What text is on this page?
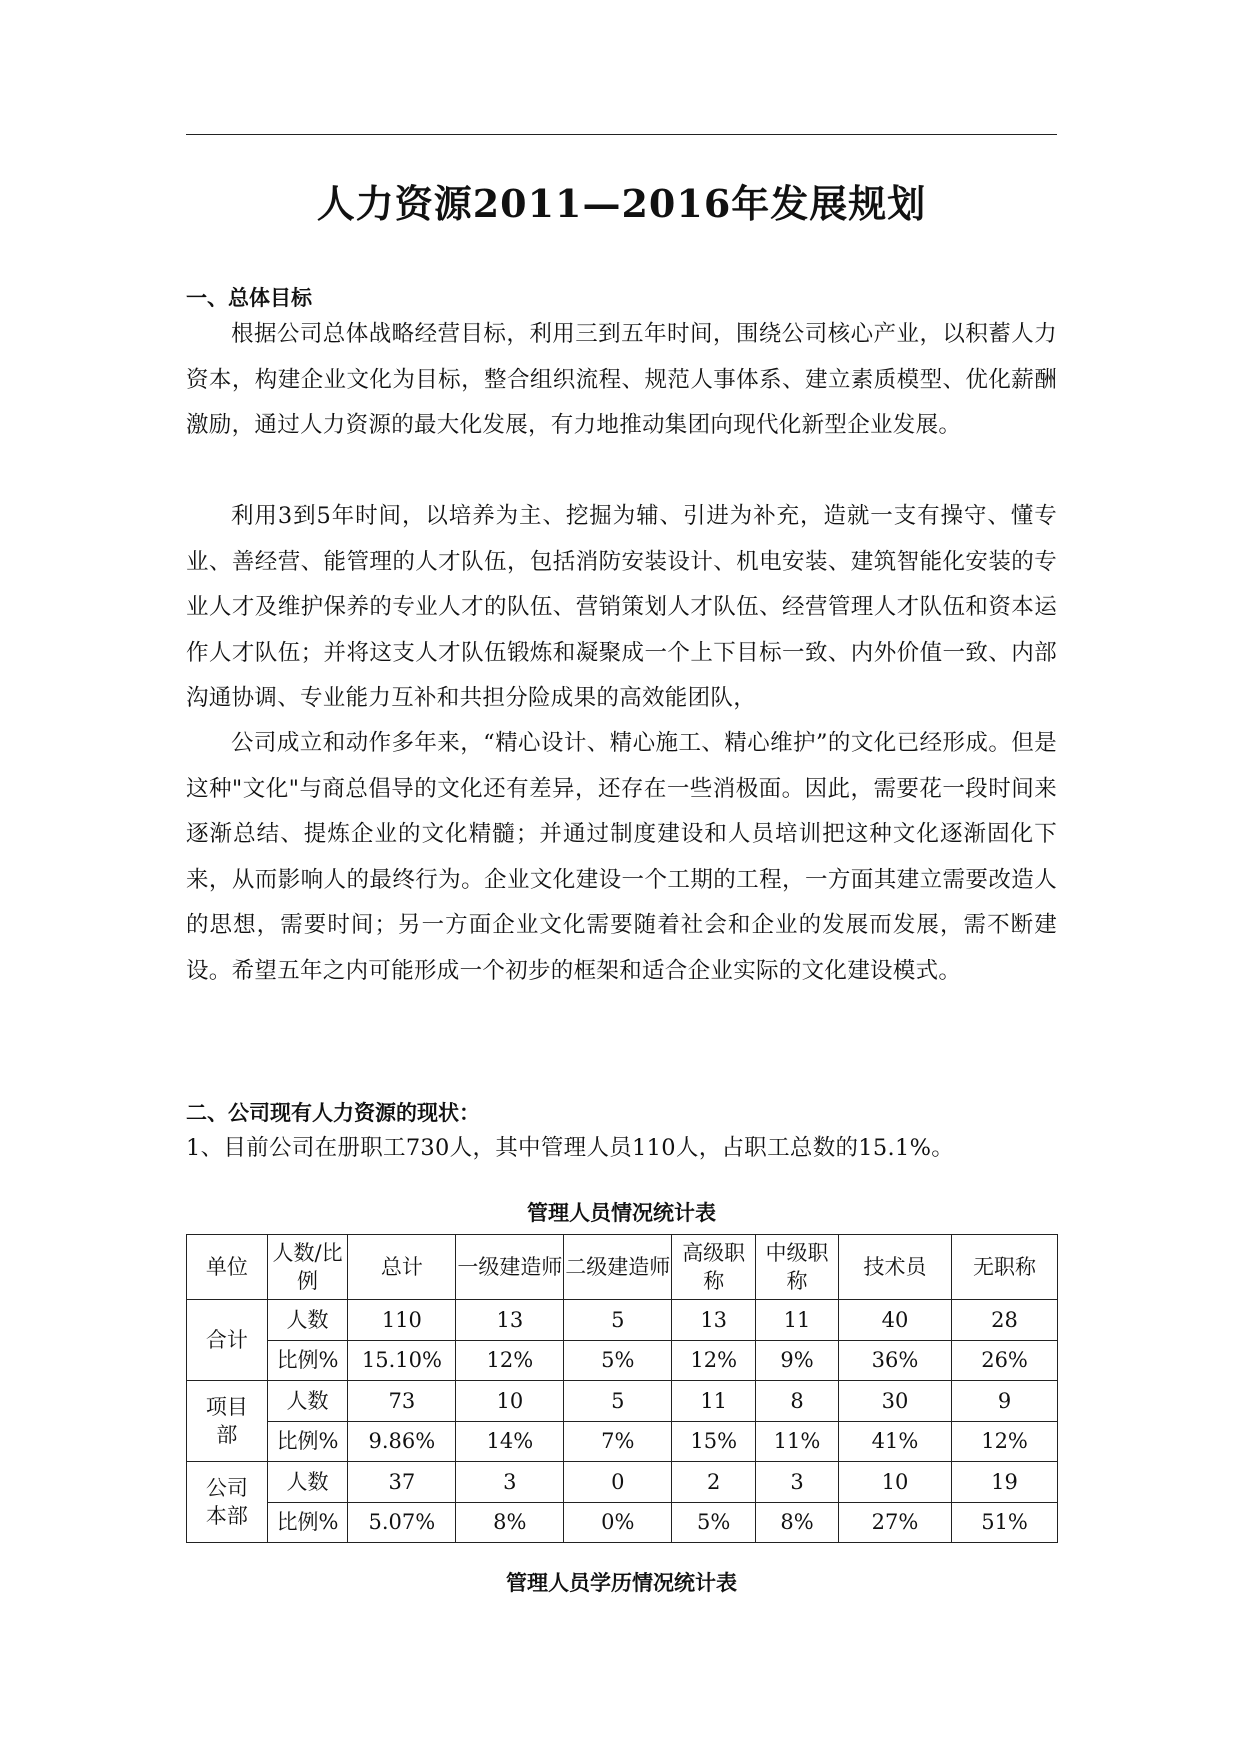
人力资源2011—2016年发展规划
一、总体目标

根据公司总体战略经营目标，利用三到五年时间，围绕公司核心产业，以积蓄人力资本，构建企业文化为目标，整合组织流程、规范人事体系、建立素质模型、优化薪酬激励，通过人力资源的最大化发展，有力地推动集团向现代化新型企业发展。

利用3到5年时间，以培养为主、挖掘为辅、引进为补充，造就一支有操守、懂专业、善经营、能管理的人才队伍，包括消防安装设计、机电安装、建筑智能化安装的专业人才及维护保养的专业人才的队伍、营销策划人才队伍、经营管理人才队伍和资本运作人才队伍；并将这支人才队伍锻炼和凝聚成一个上下目标一致、内外价值一致、内部沟通协调、专业能力互补和共担分险成果的高效能团队，

公司成立和动作多年来，“精心设计、精心施工、精心维护”的文化已经形成。但是这种"文化"与商总倡导的文化还有差异，还存在一些消极面。因此，需要花一段时间来逐渐总结、提炼企业的文化精髓；并通过制度建设和人员培训把这种文化逐渐固化下来，从而影响人的最终行为。企业文化建设一个工期的工程，一方面其建立需要改造人的思想，需要时间；另一方面企业文化需要随着社会和企业的发展而发展，需不断建设。希望五年之内可能形成一个初步的框架和适合企业实际的文化建设模式。

二、公司现有人力资源的现状：

1、目前公司在册职工730人，其中管理人员110人，占职工总数的15.1%。

管理人员情况统计表
单位	人数/比例	总计	一级建造师	二级建造师	高级职称	中级职称	技术员	无职称
合计	人数	110	13	5	13	11	40	28
	比例%	15.10%	12%	5%	12%	9%	36%	26%
项目部	人数	73	10	5	11	8	30	9
	比例%	9.86%	14%	7%	15%	11%	41%	12%
公司本部	人数	37	3	0	2	3	10	19
	比例%	5.07%	8%	0%	5%	8%	27%	51%
管理人员学历情况统计表
